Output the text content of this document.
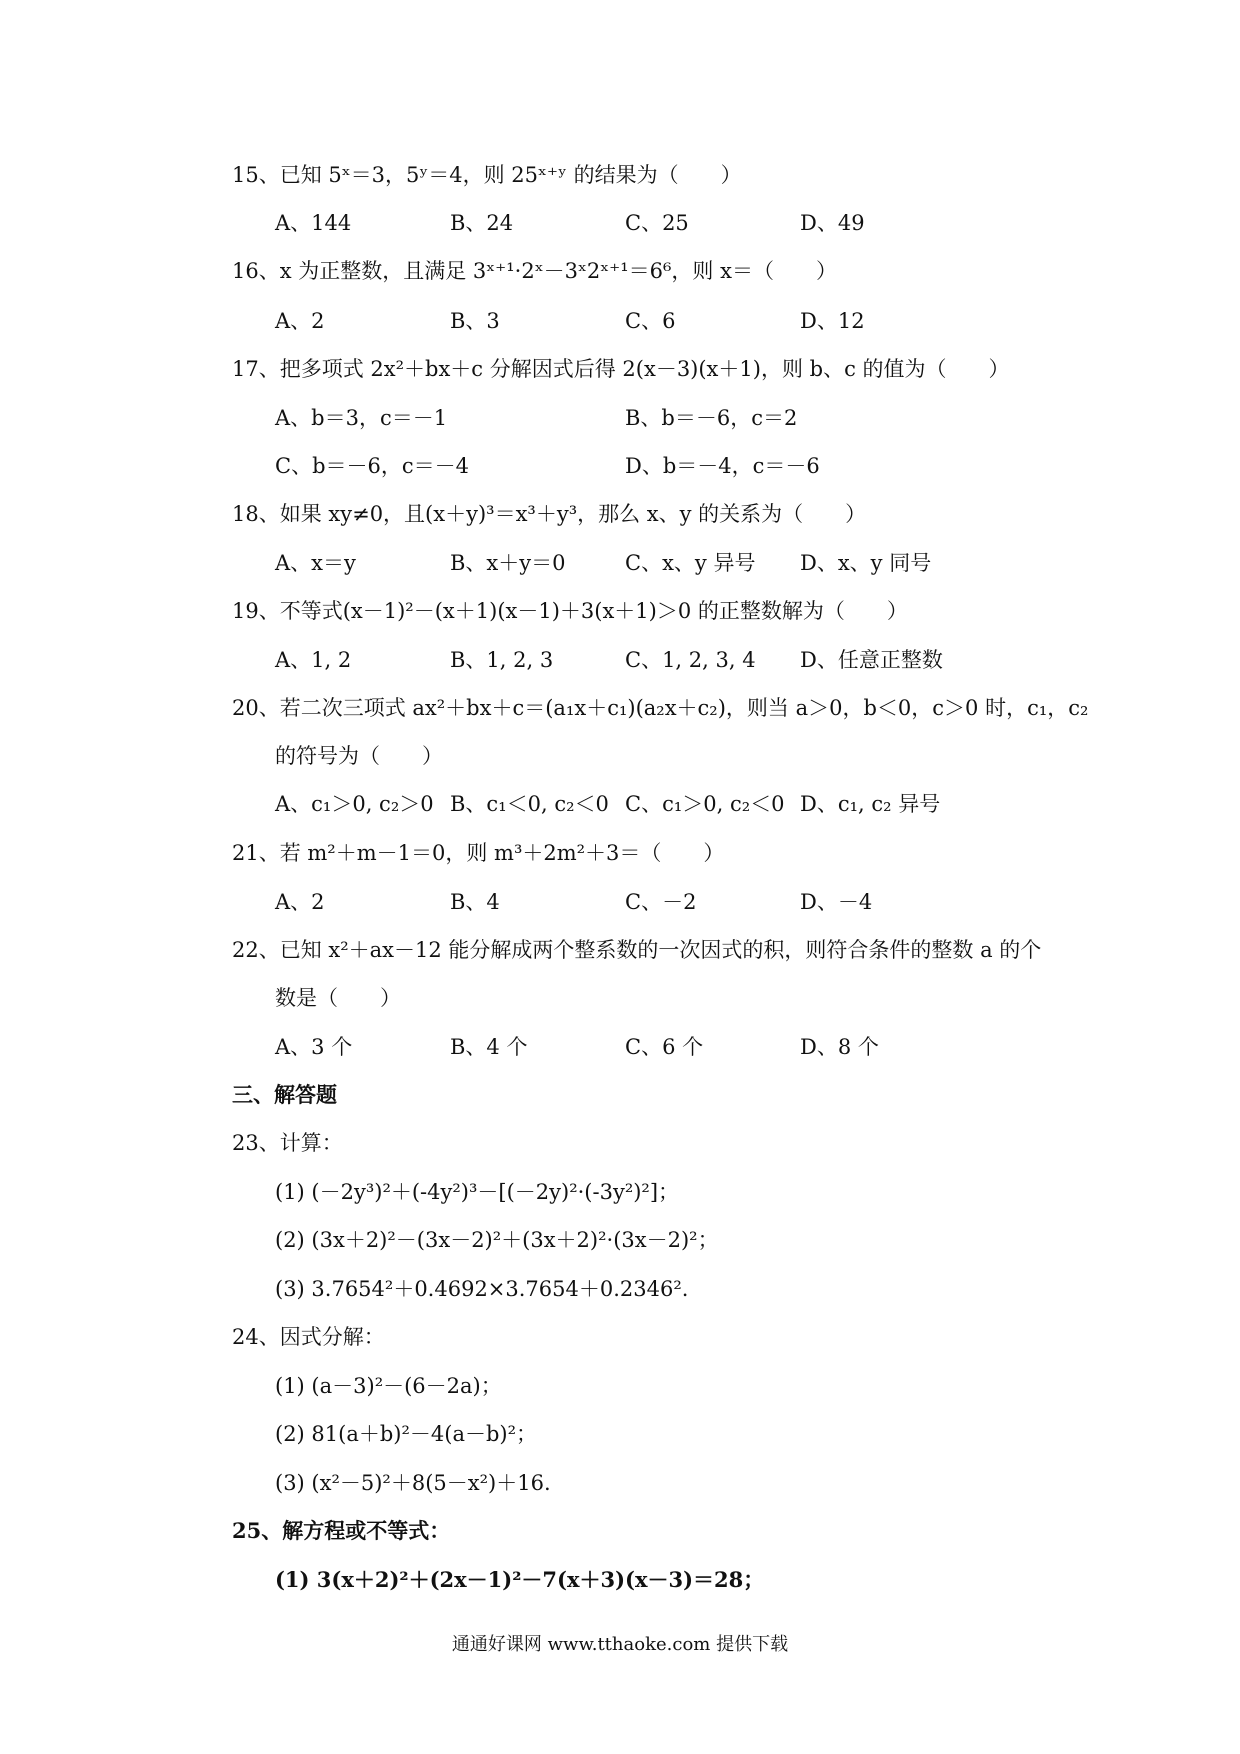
15、已知 5ˣ＝3，5ʸ＝4，则 25ˣ⁺ʸ 的结果为（　　）
A、144	B、24	C、25	D、49
16、x 为正整数，且满足 3ˣ⁺¹·2ˣ－3ˣ2ˣ⁺¹＝6⁶，则 x＝（　　）
A、2	B、3	C、6	D、12
17、把多项式 2x²＋bx＋c 分解因式后得 2(x－3)(x＋1)，则 b、c 的值为（　　）
A、b＝3，c＝－1	B、b＝－6，c＝2
C、b＝－6，c＝－4	D、b＝－4，c＝－6
18、如果 xy≠0，且(x＋y)³＝x³＋y³，那么 x、y 的关系为（　　）
A、x＝y	B、x＋y＝0	C、x、y 异号 D、x、y 同号
19、不等式(x－1)²－(x＋1)(x－1)＋3(x＋1)＞0 的正整数解为（　　）
A、1, 2	B、1, 2, 3	C、1, 2, 3, 4 D、任意正整数
20、若二次三项式 ax²＋bx＋c＝(a₁x＋c₁)(a₂x＋c₂)，则当 a＞0，b＜0，c＞0 时，c₁，c₂
的符号为（　　）
A、c₁＞0, c₂＞0 B、c₁＜0, c₂＜0 C、c₁＞0, c₂＜0 D、c₁, c₂ 异号
21、若 m²＋m－1＝0，则 m³＋2m²＋3＝（　　）
A、2	B、4	C、－2	D、－4
22、已知 x²＋ax－12 能分解成两个整系数的一次因式的积，则符合条件的整数 a 的个
数是（　　）
A、3 个	B、4 个	C、6 个	D、8 个
三、解答题
23、计算：
(1) (－2y³)²＋(-4y²)³－[(－2y)²·(-3y²)²]；
(2) (3x＋2)²－(3x－2)²＋(3x＋2)²·(3x－2)²；
(3) 3.7654²＋0.4692×3.7654＋0.2346².
24、因式分解：
(1) (a－3)²－(6－2a)；
(2) 81(a＋b)²－4(a－b)²；
(3) (x²－5)²＋8(5－x²)＋16.
25、解方程或不等式：
(1) 3(x＋2)²＋(2x－1)²－7(x＋3)(x－3)＝28；
通通好课网 www.tthaoke.com 提供下载
